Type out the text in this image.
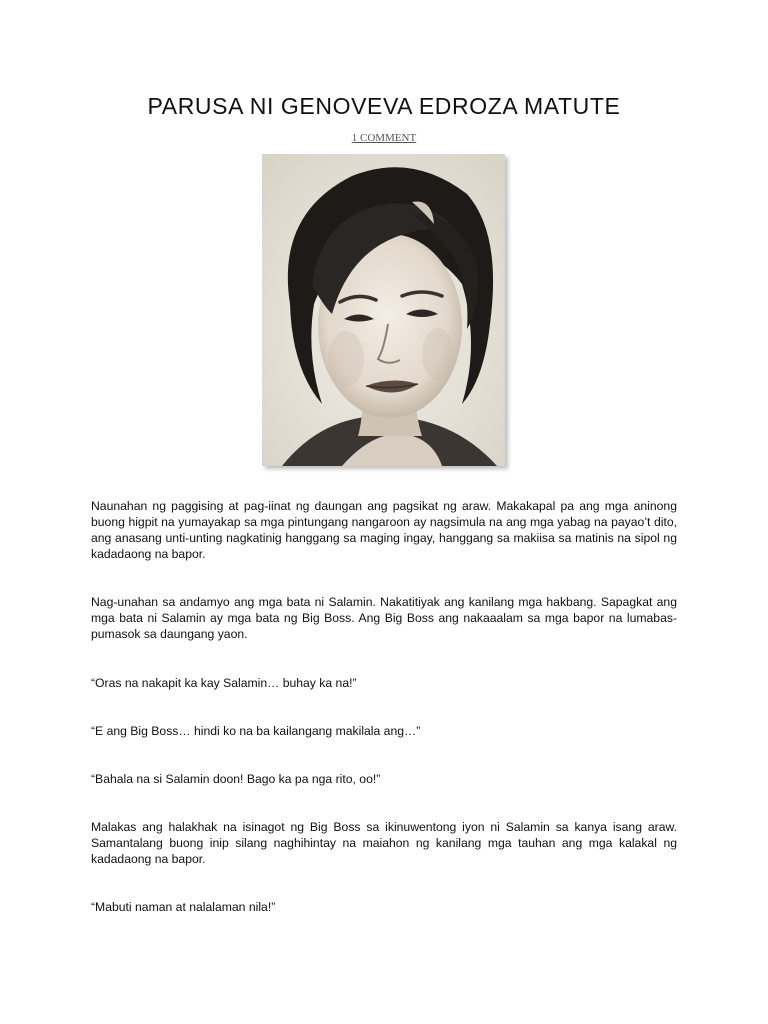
PARUSA NI GENOVEVA EDROZA MATUTE
1 COMMENT

Naunahan ng paggising at pag-iinat ng daungan ang pagsikat ng araw. Makakapal pa ang mga aninong buong higpit na yumayakap sa mga pintungang nangaroon ay nagsimula na ang mga yabag na payao’t dito, ang anasang unti-unting nagkatinig hanggang sa maging ingay, hanggang sa makiisa sa matinis na sipol ng kadadaong na bapor.

Nag-unahan sa andamyo ang mga bata ni Salamin. Nakatitiyak ang kanilang mga hakbang. Sapagkat ang mga bata ni Salamin ay mga bata ng Big Boss. Ang Big Boss ang nakaaalam sa mga bapor na lumabas-pumasok sa daungang yaon.

“Oras na nakapit ka kay Salamin… buhay ka na!”

“E ang Big Boss… hindi ko na ba kailangang makilala ang…”

“Bahala na si Salamin doon! Bago ka pa nga rito, oo!”

Malakas ang halakhak na isinagot ng Big Boss sa ikinuwentong iyon ni Salamin sa kanya isang araw. Samantalang buong inip silang naghihintay na maiahon ng kanilang mga tauhan ang mga kalakal ng kadadaong na bapor.

“Mabuti naman at nalalaman nila!”
